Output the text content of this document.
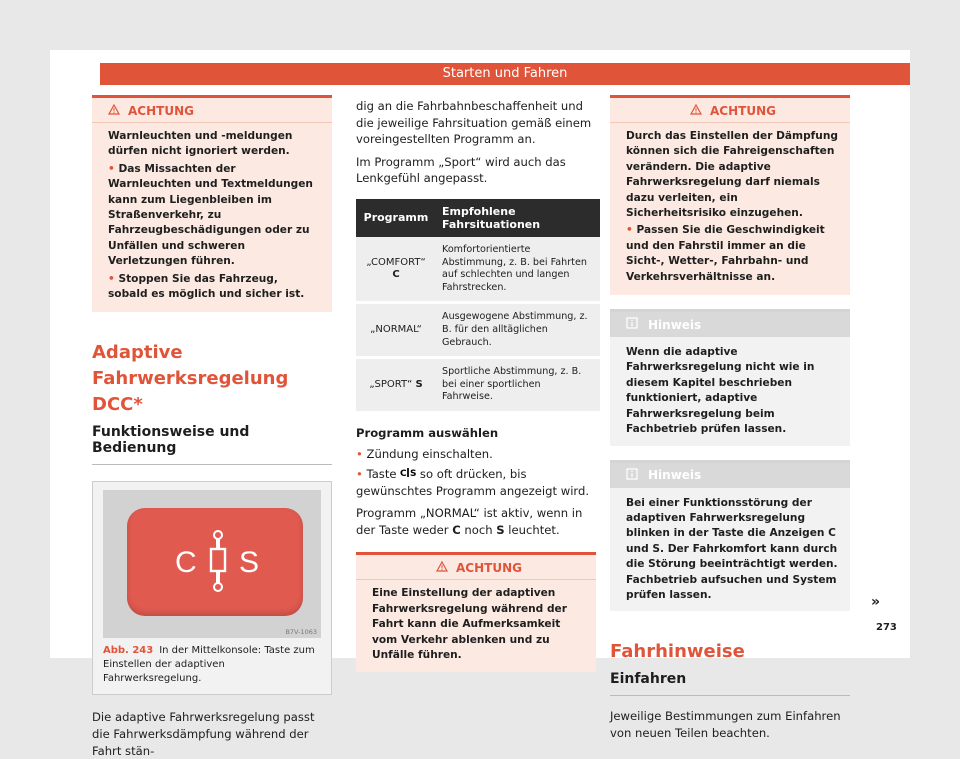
Starten und Fahren
ACHTUNG

Warnleuchten und -meldungen dürfen nicht ignoriert werden.

• Das Missachten der Warnleuchten und Textmeldungen kann zum Liegenbleiben im Straßenverkehr, zu Fahrzeugbeschädigungen oder zu Unfällen und schweren Verletzungen führen.

• Stoppen Sie das Fahrzeug, sobald es möglich und sicher ist.

Adaptive Fahrwerksregelung DCC*
Funktionsweise und Bedienung
C S
B7V-1063
Abb. 243 In der Mittelkonsole: Taste zum Einstellen der adaptiven Fahrwerksregelung.

Die adaptive Fahrwerksregelung passt die Fahrwerksdämpfung während der Fahrt stän-

dig an die Fahrbahnbeschaffenheit und die jeweilige Fahrsituation gemäß einem voreingestellten Programm an.

Im Programm „Sport“ wird auch das Lenkgefühl angepasst.

Programm	Empfohlene Fahrsituationen
„COMFORT“ C	Komfortorientierte Abstimmung, z. B. bei Fahrten auf schlechten und langen Fahrstrecken.
„NORMAL“	Ausgewogene Abstimmung, z. B. für den alltäglichen Gebrauch.
„SPORT“ S	Sportliche Abstimmung, z. B. bei einer sportlichen Fahrweise.
Programm auswählen

• Zündung einschalten.

• Taste C S so oft drücken, bis gewünschtes Programm angezeigt wird.

Programm „NORMAL“ ist aktiv, wenn in der Taste weder C noch S leuchtet.

ACHTUNG
Eine Einstellung der adaptiven Fahrwerksregelung während der Fahrt kann die Aufmerksamkeit vom Verkehr ablenken und zu Unfälle führen.
ACHTUNG

Durch das Einstellen der Dämpfung können sich die Fahreigenschaften verändern. Die adaptive Fahrwerksregelung darf niemals dazu verleiten, ein Sicherheitsrisiko einzugehen.

• Passen Sie die Geschwindigkeit und den Fahrstil immer an die Sicht-, Wetter-, Fahrbahn- und Verkehrsverhältnisse an.

Hinweis
Wenn die adaptive Fahrwerksregelung nicht wie in diesem Kapitel beschrieben funktioniert, adaptive Fahrwerksregelung beim Fachbetrieb prüfen lassen.
Hinweis
Bei einer Funktionsstörung der adaptiven Fahrwerksregelung blinken in der Taste die Anzeigen C und S. Der Fahrkomfort kann durch die Störung beeinträchtigt werden. Fachbetrieb aufsuchen und System prüfen lassen.
Fahrhinweise
Einfahren

Jeweilige Bestimmungen zum Einfahren von neuen Teilen beachten.

»
273
